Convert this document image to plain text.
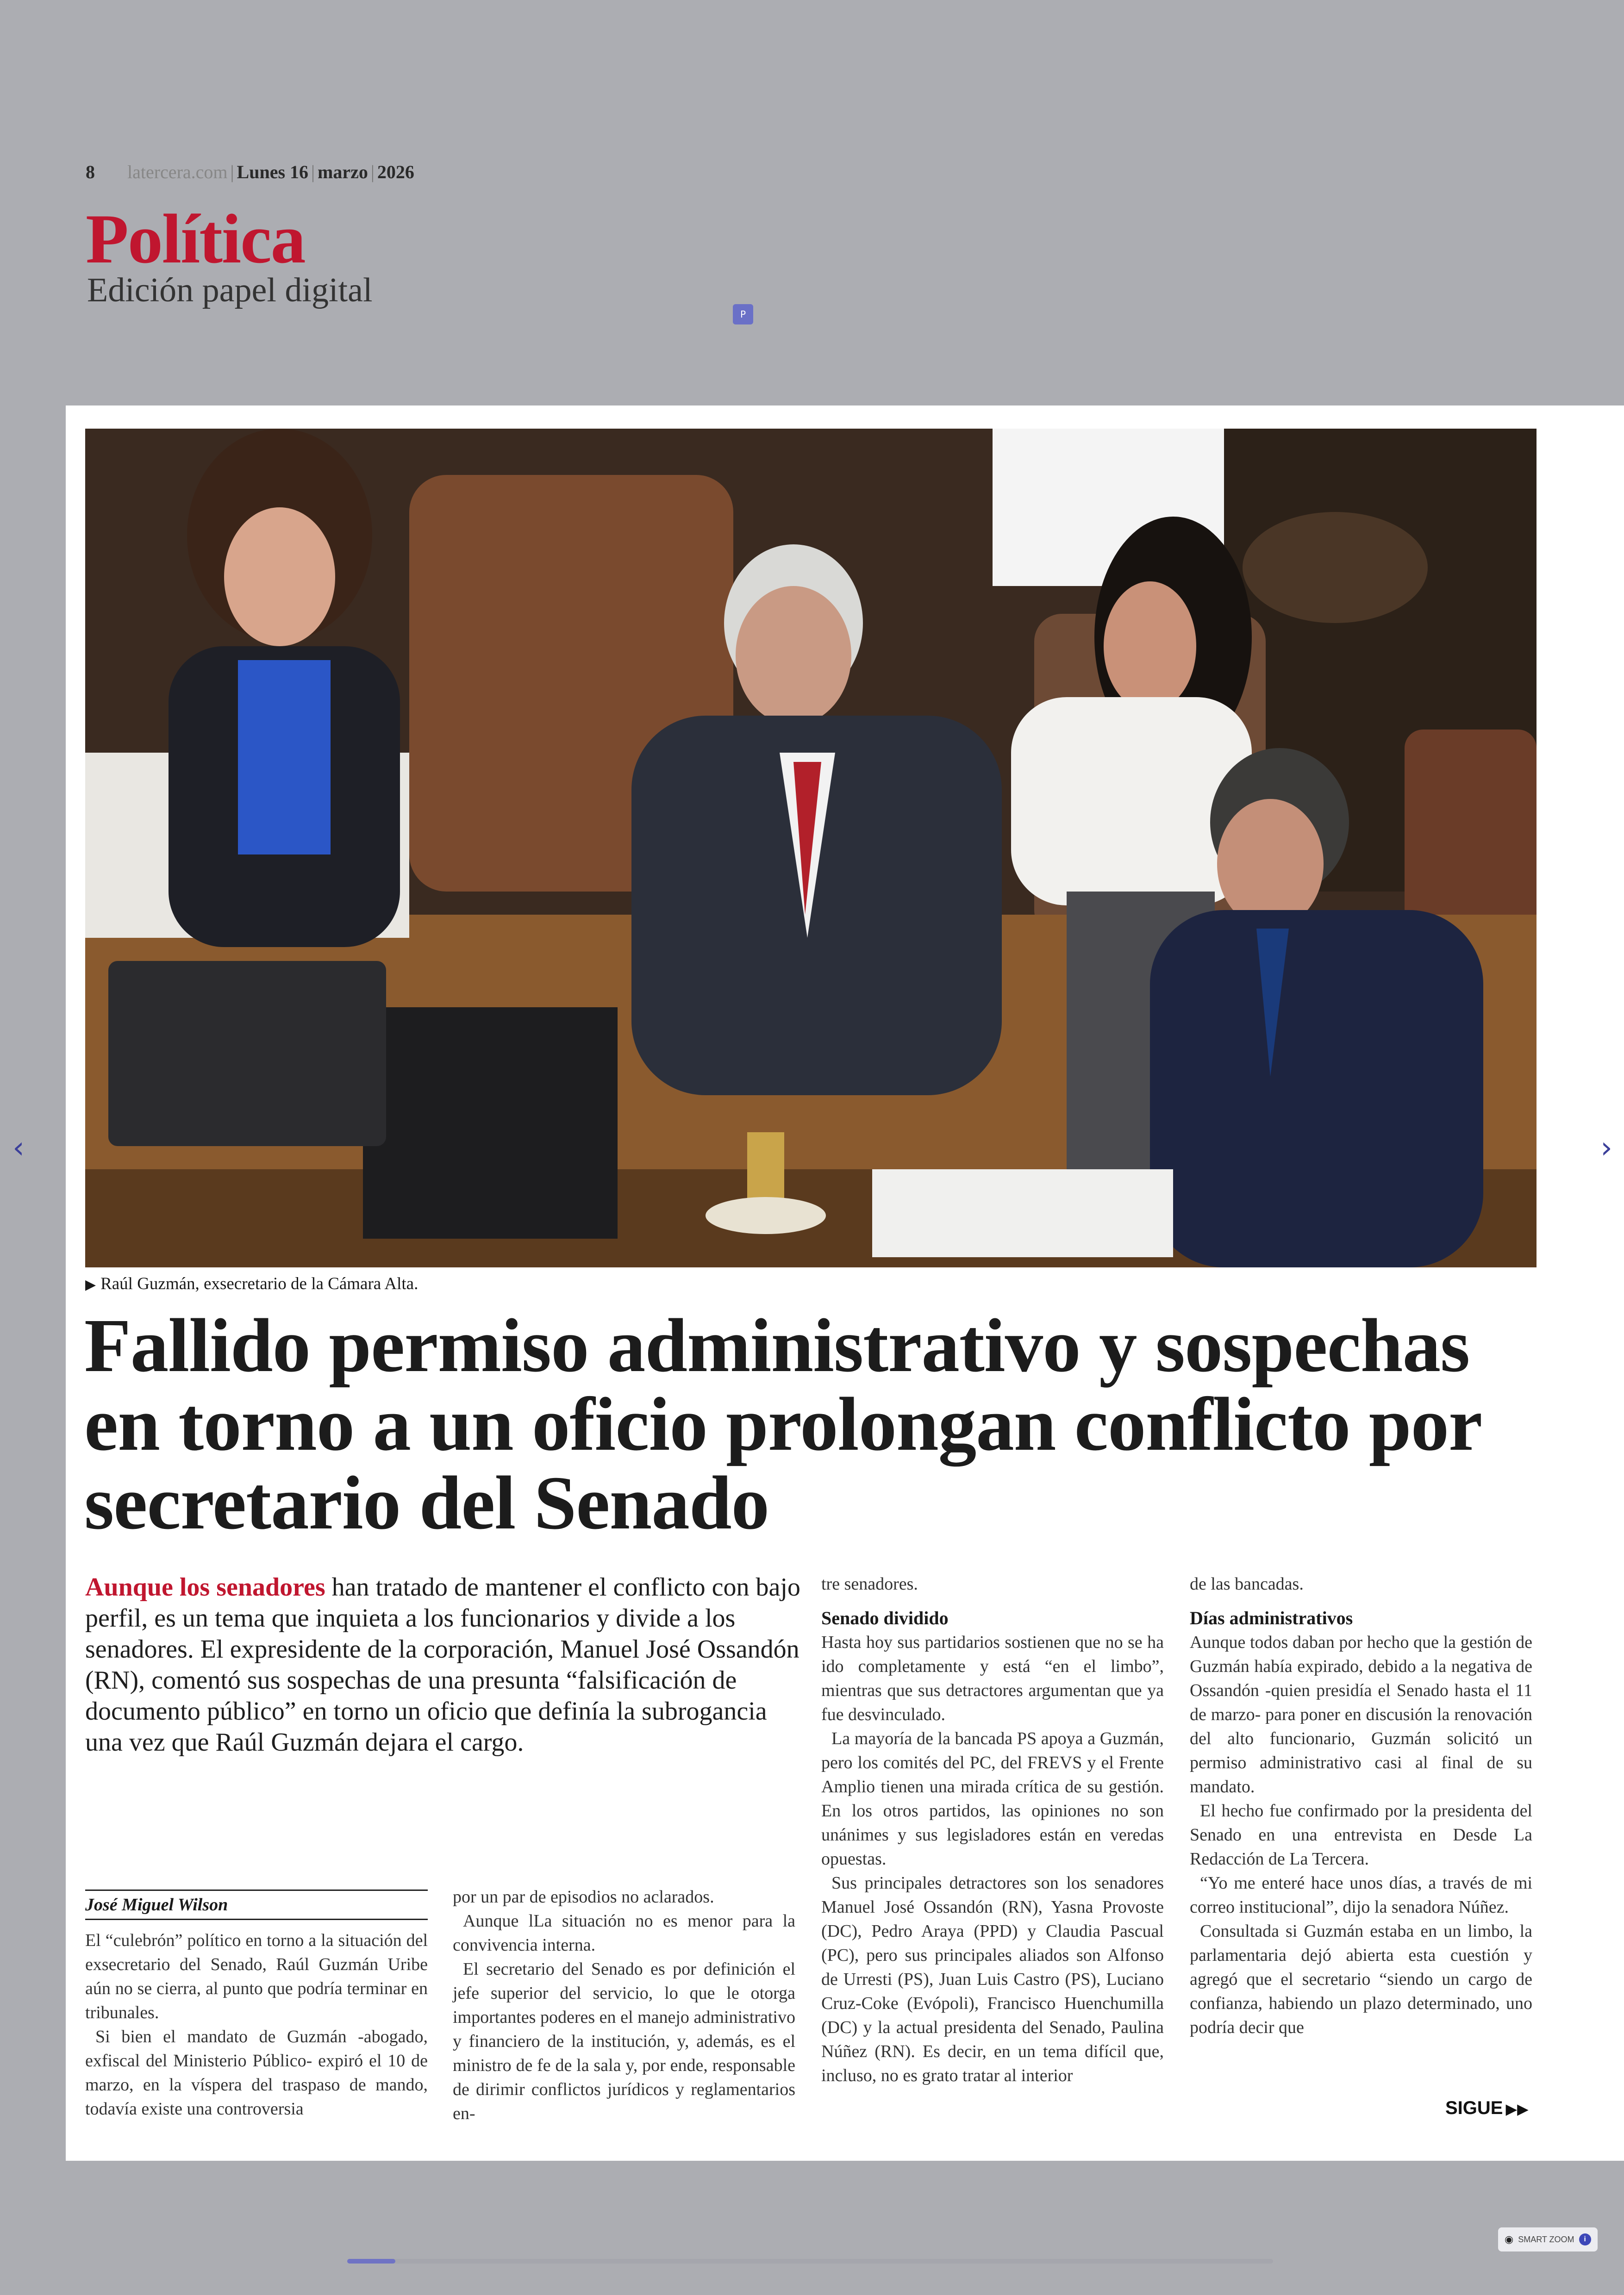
8 latercera.com | Lunes 16 | marzo | 2026
Política
Edición papel digital
P
▶ Raúl Guzmán, exsecretario de la Cámara Alta.
Fallido permiso administrativo y sospechas en torno a un oficio prolongan conflicto por secretario del Senado
Aunque los senadores han tratado de mantener el conflicto con bajo perfil, es un tema que inquieta a los funcionarios y divide a los senadores. El expresidente de la corporación, Manuel José Ossandón (RN), comentó sus sospechas de una presunta “falsificación de documento público” en torno un oficio que definía la subrogancia una vez que Raúl Guzmán dejara el cargo.
José Miguel Wilson

El “culebrón” político en torno a la situación del exsecretario del Senado, Raúl Guzmán Uribe aún no se cierra, al punto que podría terminar en tribunales.

Si bien el mandato de Guzmán -abogado, exfiscal del Ministerio Público- expiró el 10 de marzo, en la víspera del traspaso de mando, todavía existe una controversia

por un par de episodios no aclarados.

Aunque lLa situación no es menor para la convivencia interna.

El secretario del Senado es por definición el jefe superior del servicio, lo que le otorga importantes poderes en el manejo administrativo y financiero de la institución, y, además, es el ministro de fe de la sala y, por ende, responsable de dirimir conflictos jurídicos y reglamentarios en-

tre senadores.

Senado dividido

Hasta hoy sus partidarios sostienen que no se ha ido completamente y está “en el limbo”, mientras que sus detractores argumentan que ya fue desvinculado.

La mayoría de la bancada PS apoya a Guzmán, pero los comités del PC, del FREVS y el Frente Amplio tienen una mirada crítica de su gestión. En los otros partidos, las opiniones no son unánimes y sus legisladores están en veredas opuestas.

Sus principales detractores son los senadores Manuel José Ossandón (RN), Yasna Provoste (DC), Pedro Araya (PPD) y Claudia Pascual (PC), pero sus principales aliados son Alfonso de Urresti (PS), Juan Luis Castro (PS), Luciano Cruz-Coke (Evópoli), Francisco Huenchumilla (DC) y la actual presidenta del Senado, Paulina Núñez (RN). Es decir, en un tema difícil que, incluso, no es grato tratar al interior

de las bancadas.

Días administrativos

Aunque todos daban por hecho que la gestión de Guzmán había expirado, debido a la negativa de Ossandón -quien presidía el Senado hasta el 11 de marzo- para poner en discusión la renovación del alto funcionario, Guzmán solicitó un permiso administrativo casi al final de su mandato.

El hecho fue confirmado por la presidenta del Senado en una entrevista en Desde La Redacción de La Tercera.

“Yo me enteré hace unos días, a través de mi correo institucional”, dijo la senadora Núñez.

Consultada si Guzmán estaba en un limbo, la parlamentaria dejó abierta esta cuestión y agregó que el secretario “siendo un cargo de confianza, habiendo un plazo determinado, uno podría decir que

SIGUE ▶▶
‹	›
◉ SMART ZOOM	i
